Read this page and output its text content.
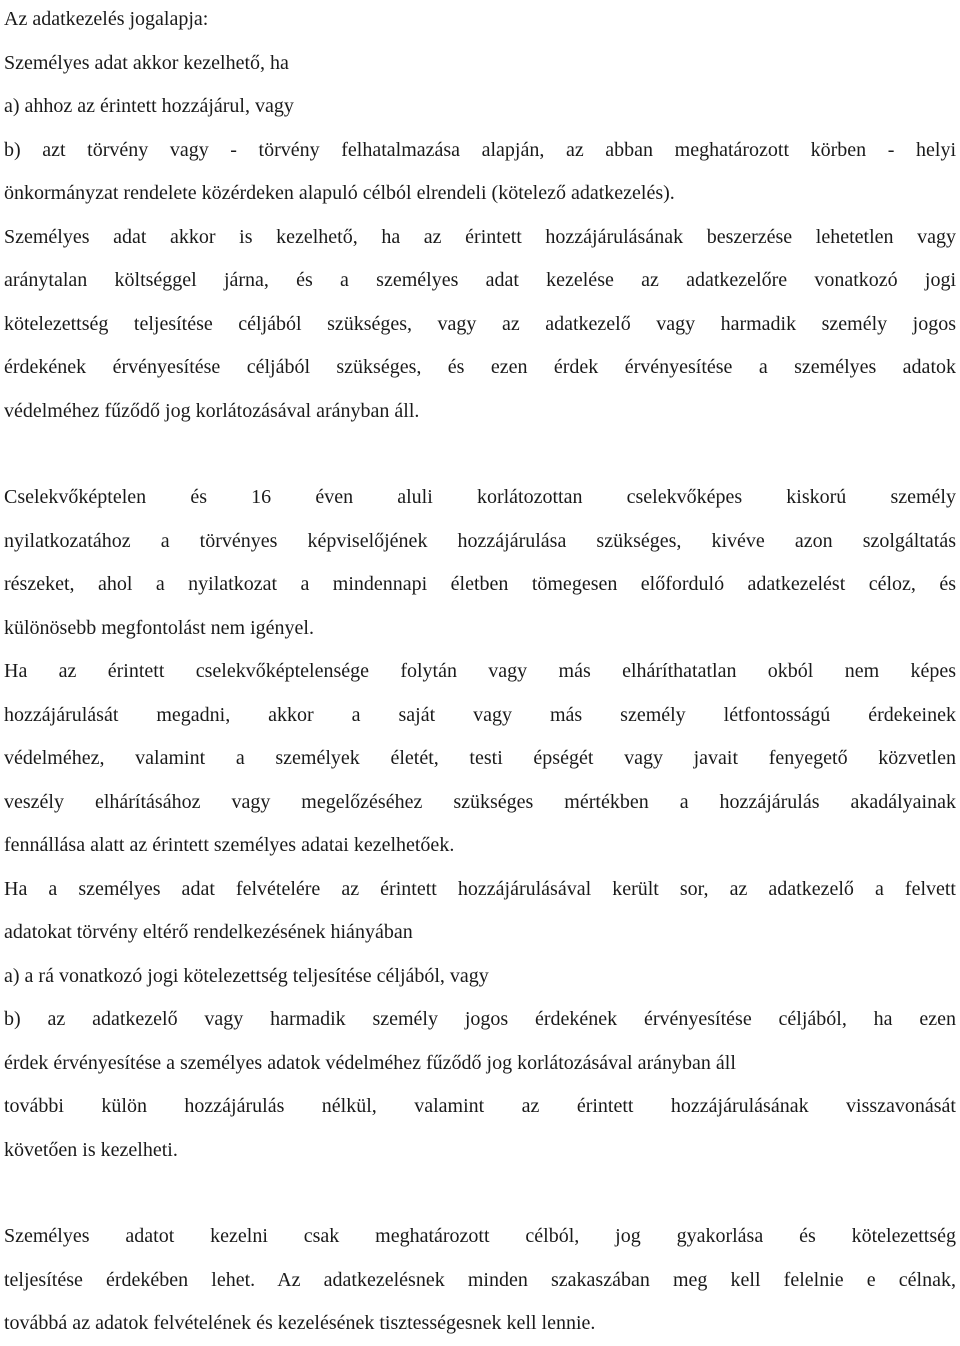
Az adatkezelés jogalapja:
Személyes adat akkor kezelhető, ha
a) ahhoz az érintett hozzájárul, vagy
b) azt törvény vagy - törvény felhatalmazása alapján, az abban meghatározott körben - helyi
önkormányzat rendelete közérdeken alapuló célból elrendeli (kötelező adatkezelés).
Személyes adat akkor is kezelhető, ha az érintett hozzájárulásának beszerzése lehetetlen vagy
aránytalan költséggel járna, és a személyes adat kezelése az adatkezelőre vonatkozó jogi
kötelezettség teljesítése céljából szükséges, vagy az adatkezelő vagy harmadik személy jogos
érdekének érvényesítése céljából szükséges, és ezen érdek érvényesítése a személyes adatok
védelméhez fűződő jog korlátozásával arányban áll.
Cselekvőképtelen és 16 éven aluli korlátozottan cselekvőképes kiskorú személy
nyilatkozatához a törvényes képviselőjének hozzájárulása szükséges, kivéve azon szolgáltatás
részeket, ahol a nyilatkozat a mindennapi életben tömegesen előforduló adatkezelést céloz, és
különösebb megfontolást nem igényel.
Ha az érintett cselekvőképtelensége folytán vagy más elháríthatatlan okból nem képes
hozzájárulását megadni, akkor a saját vagy más személy létfontosságú érdekeinek
védelméhez, valamint a személyek életét, testi épségét vagy javait fenyegető közvetlen
veszély elhárításához vagy megelőzéséhez szükséges mértékben a hozzájárulás akadályainak
fennállása alatt az érintett személyes adatai kezelhetőek.
Ha a személyes adat felvételére az érintett hozzájárulásával került sor, az adatkezelő a felvett
adatokat törvény eltérő rendelkezésének hiányában
a) a rá vonatkozó jogi kötelezettség teljesítése céljából, vagy
b) az adatkezelő vagy harmadik személy jogos érdekének érvényesítése céljából, ha ezen
érdek érvényesítése a személyes adatok védelméhez fűződő jog korlátozásával arányban áll
további külön hozzájárulás nélkül, valamint az érintett hozzájárulásának visszavonását
követően is kezelheti.
Személyes adatot kezelni csak meghatározott célból, jog gyakorlása és kötelezettség
teljesítése érdekében lehet. Az adatkezelésnek minden szakaszában meg kell felelnie e célnak,
továbbá az adatok felvételének és kezelésének tisztességesnek kell lennie.
